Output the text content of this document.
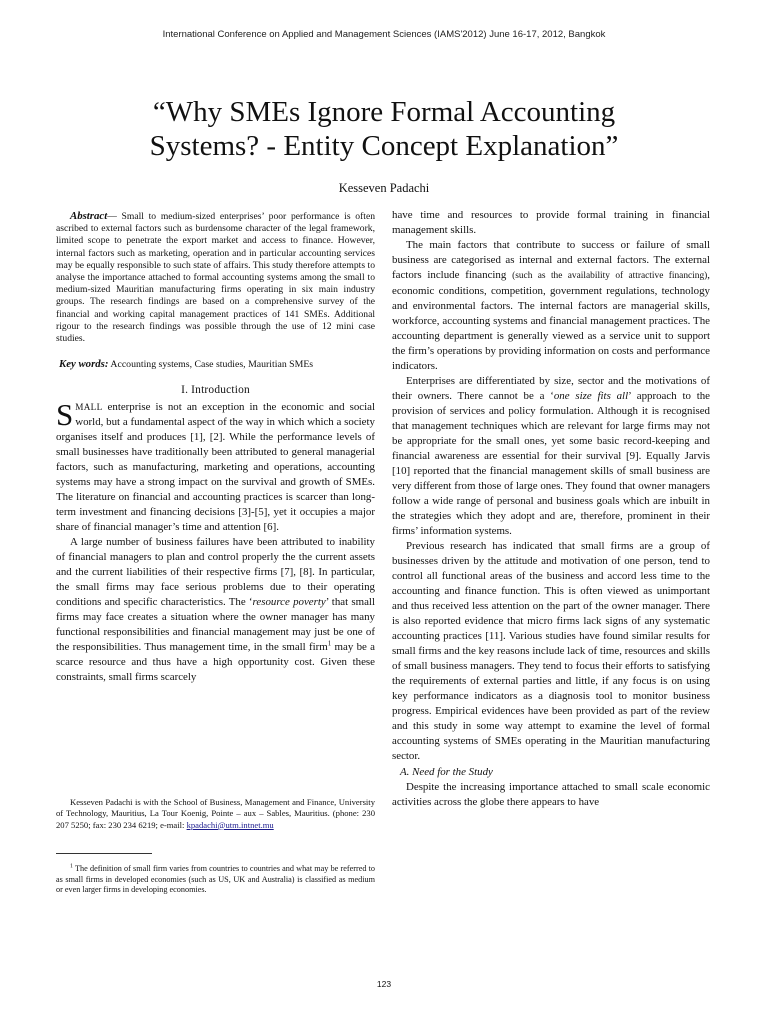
International Conference on Applied and Management Sciences (IAMS'2012) June 16-17, 2012, Bangkok
“Why SMEs Ignore Formal Accounting
Systems? - Entity Concept Explanation”
Kesseven Padachi

Abstract— Small to medium-sized enterprises’ poor performance is often ascribed to external factors such as burdensome character of the legal framework, limited scope to penetrate the export market and access to finance. However, internal factors such as marketing, operation and in particular accounting services may be equally responsible to such state of affairs. This study therefore attempts to analyse the importance attached to formal accounting systems among the small to medium-sized Mauritian manufacturing firms operating in six main industry groups. The research findings are based on a comprehensive survey of the financial and working capital management practices of 141 SMEs. Additional rigour to the research findings was possible through the use of 12 mini case studies.

Key words: Accounting systems, Case studies, Mauritian SMEs

I. Introduction

SMALL enterprise is not an exception in the economic and social world, but a fundamental aspect of the way in which which a society organises itself and produces [1], [2]. While the performance levels of small businesses have traditionally been attributed to general managerial factors, such as manufacturing, marketing and operations, accounting systems may have a strong impact on the survival and growth of SMEs. The literature on financial and accounting practices is scarcer than long-term investment and financing decisions [3]-[5], yet it occupies a major share of financial manager’s time and attention [6].

A large number of business failures have been attributed to inability of financial managers to plan and control properly the the current assets and the current liabilities of their respective firms [7], [8]. In particular, the small firms may face serious problems due to their operating conditions and specific characteristics. The ‘resource poverty’ that small firms may face creates a situation where the owner manager has many functional responsibilities and financial management may just be one of the responsibilities. Thus management time, in the small firm$^1$ may be a scarce resource and thus have a high opportunity cost. Given these constraints, small firms scarcely

Kesseven Padachi is with the School of Business, Management and Finance, University of Technology, Mauritius, La Tour Koenig, Pointe – aux – Sables, Mauritius. (phone: 230 207 5250; fax: 230 234 6219; e-mail: kpadachi@utm.intnet.mu
$^1$ The definition of small firm varies from countries to countries and what may be referred to as small firms in developed economies (such as US, UK and Australia) is classified as medium or even larger firms in developing economies.

have time and resources to provide formal training in financial management skills.

The main factors that contribute to success or failure of small business are categorised as internal and external factors. The external factors include financing (such as the availability of attractive financing), economic conditions, competition, government regulations, technology and environmental factors. The internal factors are managerial skills, workforce, accounting systems and financial management practices. The accounting department is generally viewed as a service unit to support the firm’s operations by providing information on costs and performance indicators.

Enterprises are differentiated by size, sector and the motivations of their owners. There cannot be a ‘one size fits all’ approach to the provision of services and policy formulation. Although it is recognised that management techniques which are relevant for large firms may not be appropriate for the small ones, yet some basic record-keeping and financial awareness are essential for their survival [9]. Equally Jarvis [10] reported that the financial management skills of small business are very different from those of large ones. They found that owner managers follow a wide range of personal and business goals which are inbuilt in the strategies which they adopt and are, therefore, prominent in their firms’ information systems.

Previous research has indicated that small firms are a group of businesses driven by the attitude and motivation of one person, tend to control all functional areas of the business and accord less time to the accounting and finance function. This is often viewed as unimportant and thus received less attention on the part of the owner manager. There is also reported evidence that micro firms lack signs of any systematic accounting practices [11]. Various studies have found similar results for small firms and the key reasons include lack of time, resources and skills of small business managers. They tend to focus their efforts to satisfying the requirements of external parties and little, if any focus is on using key performance indicators as a diagnosis tool to monitor business progress. Empirical evidences have been provided as part of the review and this study in some way attempt to examine the level of formal accounting systems of SMEs operating in the Mauritian manufacturing sector.

A. Need for the Study

Despite the increasing importance attached to small scale economic activities across the globe there appears to have

123
